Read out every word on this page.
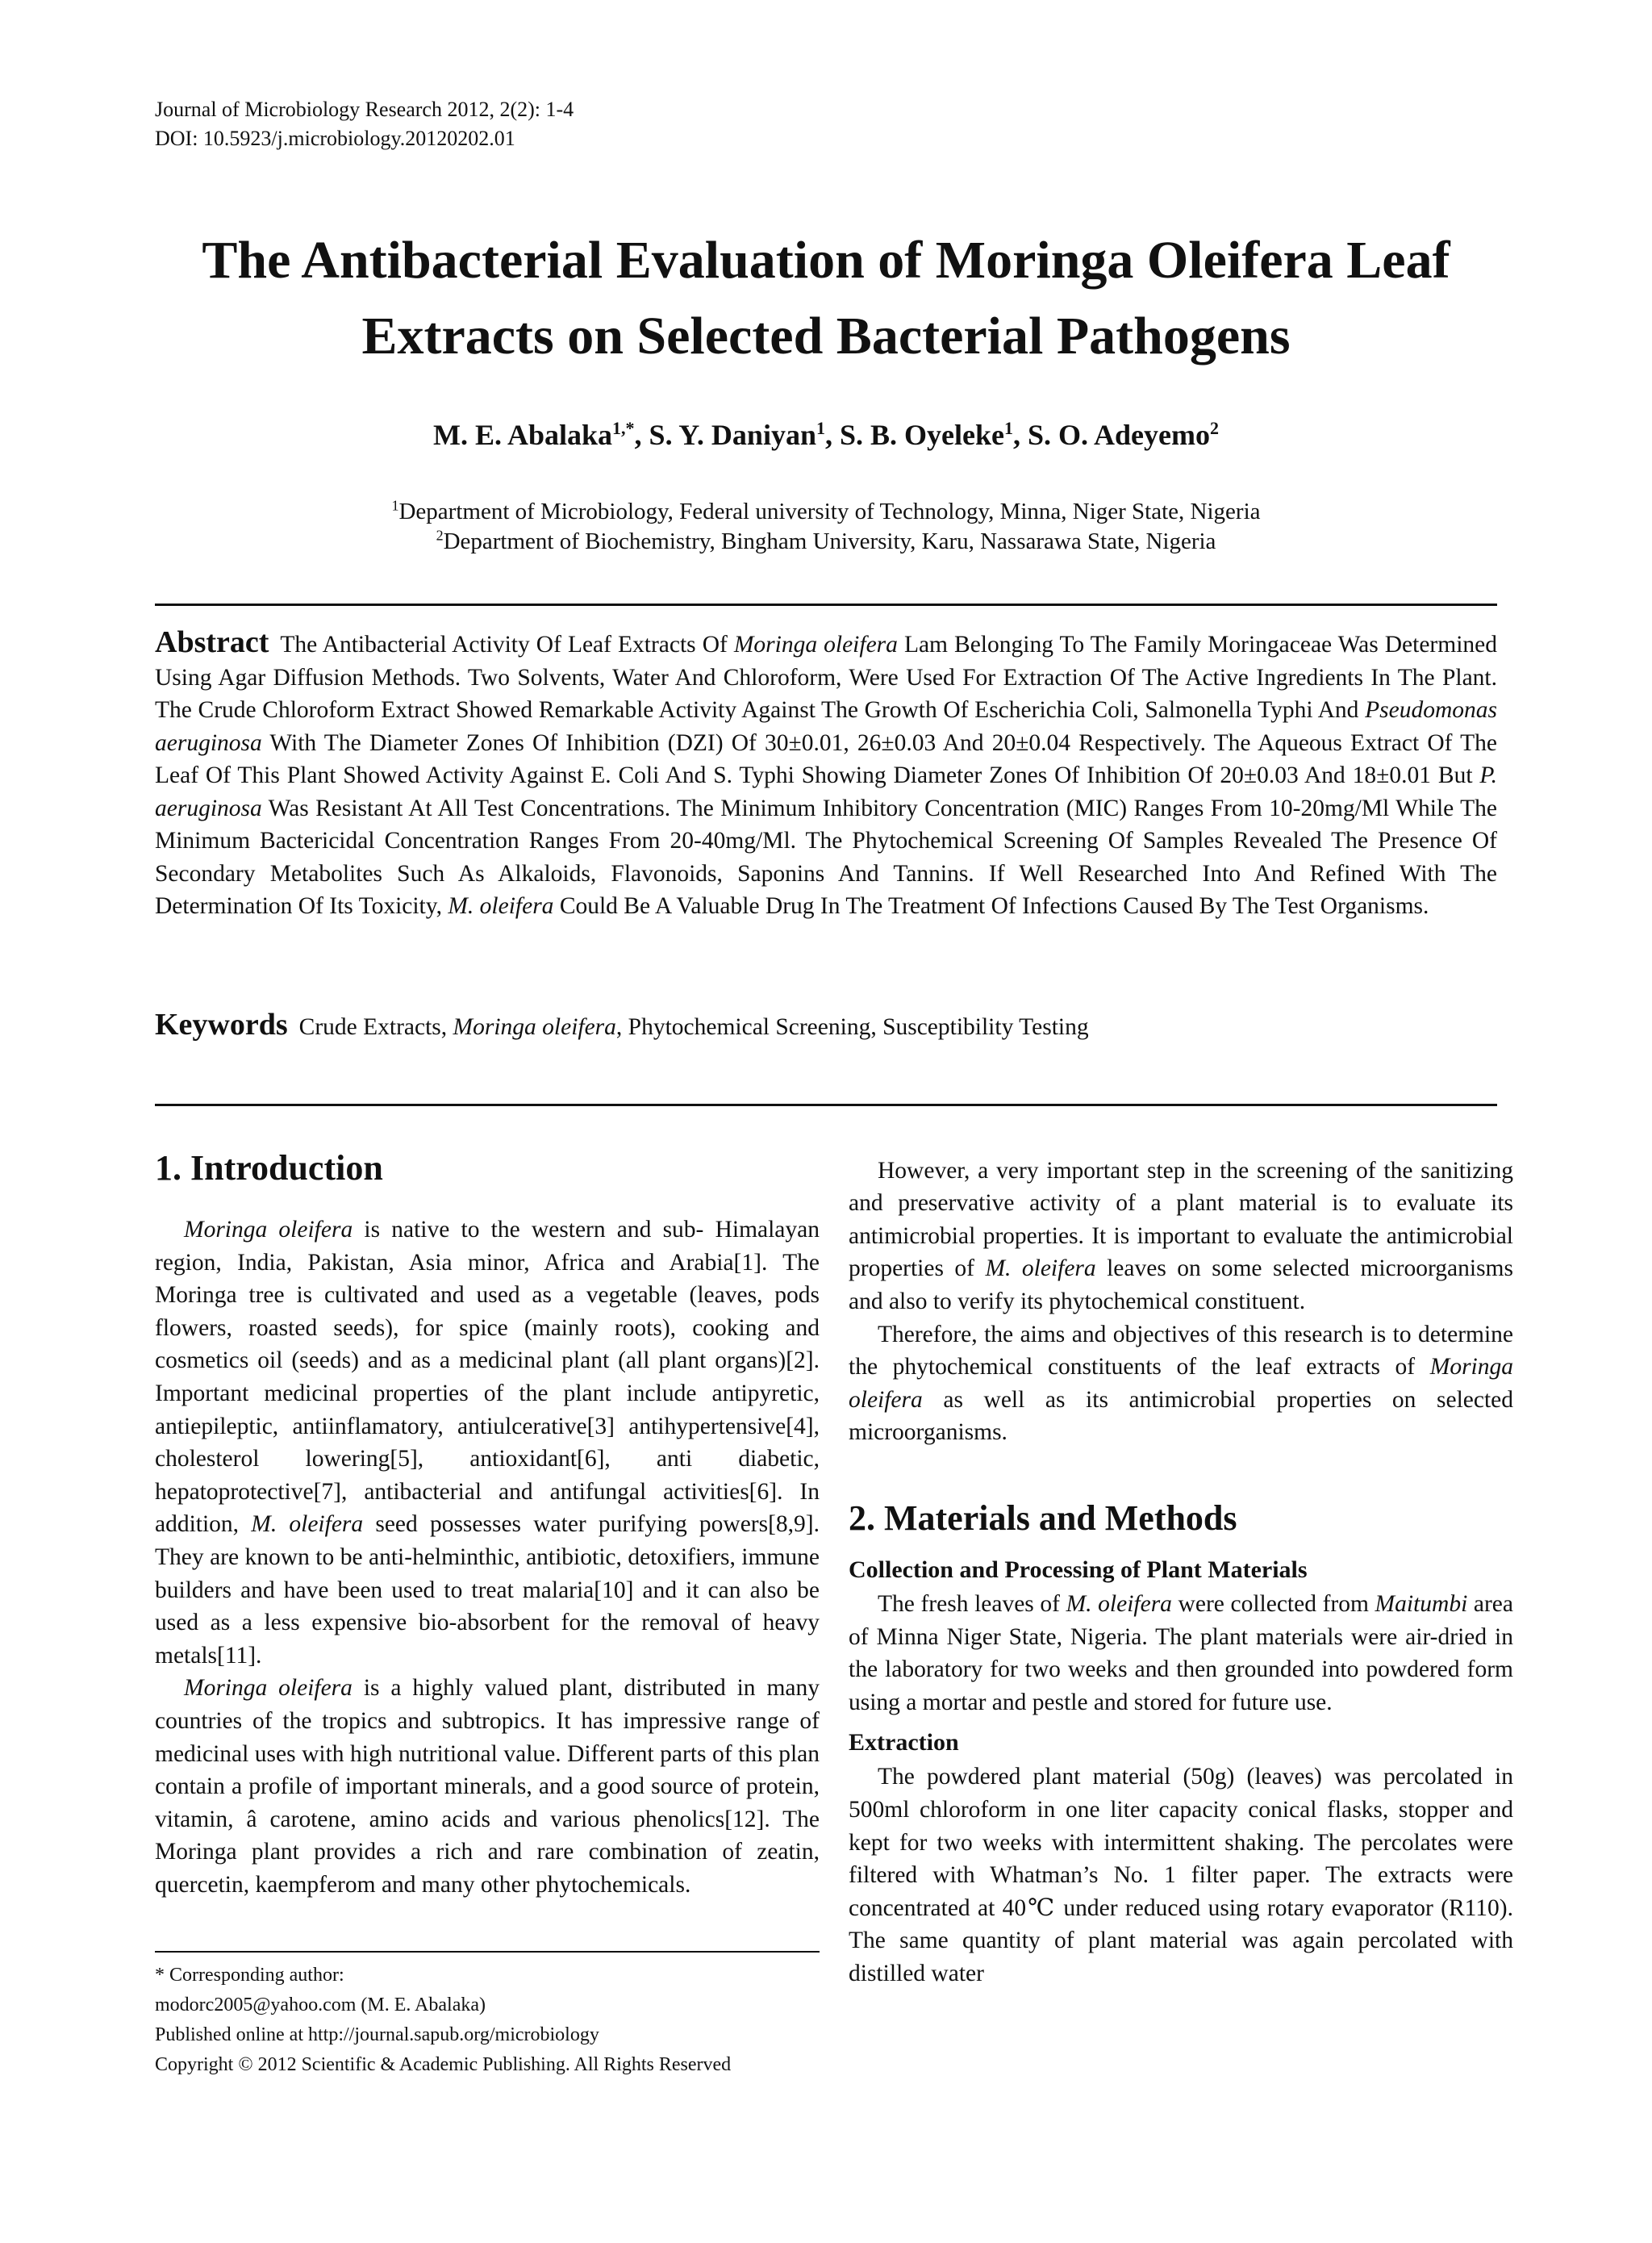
Journal of Microbiology Research 2012, 2(2): 1-4
DOI: 10.5923/j.microbiology.20120202.01
The Antibacterial Evaluation of Moringa Oleifera Leaf
Extracts on Selected Bacterial Pathogens
M. E. Abalaka$^{1,*}$, S. Y. Daniyan$^1$, S. B. Oyeleke$^1$, S. O. Adeyemo$^2$
$^1$Department of Microbiology, Federal university of Technology, Minna, Niger State, Nigeria
$^2$Department of Biochemistry, Bingham University, Karu, Nassarawa State, Nigeria
Abstract The Antibacterial Activity Of Leaf Extracts Of Moringa oleifera Lam Belonging To The Family Moringaceae Was Determined Using Agar Diffusion Methods. Two Solvents, Water And Chloroform, Were Used For Extraction Of The Active Ingredients In The Plant. The Crude Chloroform Extract Showed Remarkable Activity Against The Growth Of Escherichia Coli, Salmonella Typhi And Pseudomonas aeruginosa With The Diameter Zones Of Inhibition (DZI) Of 30±0.01, 26±0.03 And 20±0.04 Respectively. The Aqueous Extract Of The Leaf Of This Plant Showed Activity Against E. Coli And S. Typhi Showing Diameter Zones Of Inhibition Of 20±0.03 And 18±0.01 But P. aeruginosa Was Resistant At All Test Concentrations. The Minimum Inhibitory Concentration (MIC) Ranges From 10-20mg/Ml While The Minimum Bactericidal Concentration Ranges From 20-40mg/Ml. The Phytochemical Screening Of Samples Revealed The Presence Of Secondary Metabolites Such As Alkaloids, Flavonoids, Saponins And Tannins. If Well Researched Into And Refined With The Determination Of Its Toxicity, M. oleifera Could Be A Valuable Drug In The Treatment Of Infections Caused By The Test Organisms.
Keywords Crude Extracts, Moringa oleifera, Phytochemical Screening, Susceptibility Testing
1. Introduction

Moringa oleifera is native to the western and sub- Himalayan region, India, Pakistan, Asia minor, Africa and Arabia[1]. The Moringa tree is cultivated and used as a vegetable (leaves, pods flowers, roasted seeds), for spice (mainly roots), cooking and cosmetics oil (seeds) and as a medicinal plant (all plant organs)[2]. Important medicinal properties of the plant include antipyretic, antiepileptic, antiinflamatory, antiulcerative[3] antihypertensive[4], cholesterol lowering[5], antioxidant[6], anti diabetic, hepatoprotective[7], antibacterial and antifungal activities[6]. In addition, M. oleifera seed possesses water purifying powers[8,9]. They are known to be anti-helminthic, antibiotic, detoxifiers, immune builders and have been used to treat malaria[10] and it can also be used as a less expensive bio-absorbent for the removal of heavy metals[11].

Moringa oleifera is a highly valued plant, distributed in many countries of the tropics and subtropics. It has impressive range of medicinal uses with high nutritional value. Different parts of this plan contain a profile of important minerals, and a good source of protein, vitamin, â carotene, amino acids and various phenolics[12]. The Moringa plant provides a rich and rare combination of zeatin, quercetin, kaempferom and many other phytochemicals.

However, a very important step in the screening of the sanitizing and preservative activity of a plant material is to evaluate its antimicrobial properties. It is important to evaluate the antimicrobial properties of M. oleifera leaves on some selected microorganisms and also to verify its phytochemical constituent.

Therefore, the aims and objectives of this research is to determine the phytochemical constituents of the leaf extracts of Moringa oleifera as well as its antimicrobial properties on selected microorganisms.

2. Materials and Methods
Collection and Processing of Plant Materials

The fresh leaves of M. oleifera were collected from Maitumbi area of Minna Niger State, Nigeria. The plant materials were air-dried in the laboratory for two weeks and then grounded into powdered form using a mortar and pestle and stored for future use.

Extraction

The powdered plant material (50g) (leaves) was percolated in 500ml chloroform in one liter capacity conical flasks, stopper and kept for two weeks with intermittent shaking. The percolates were filtered with Whatman’s No. 1 filter paper. The extracts were concentrated at 40℃ under reduced using rotary evaporator (R110). The same quantity of plant material was again percolated with distilled water

* Corresponding author:
modorc2005@yahoo.com (M. E. Abalaka)
Published online at http://journal.sapub.org/microbiology
Copyright © 2012 Scientific & Academic Publishing. All Rights Reserved
